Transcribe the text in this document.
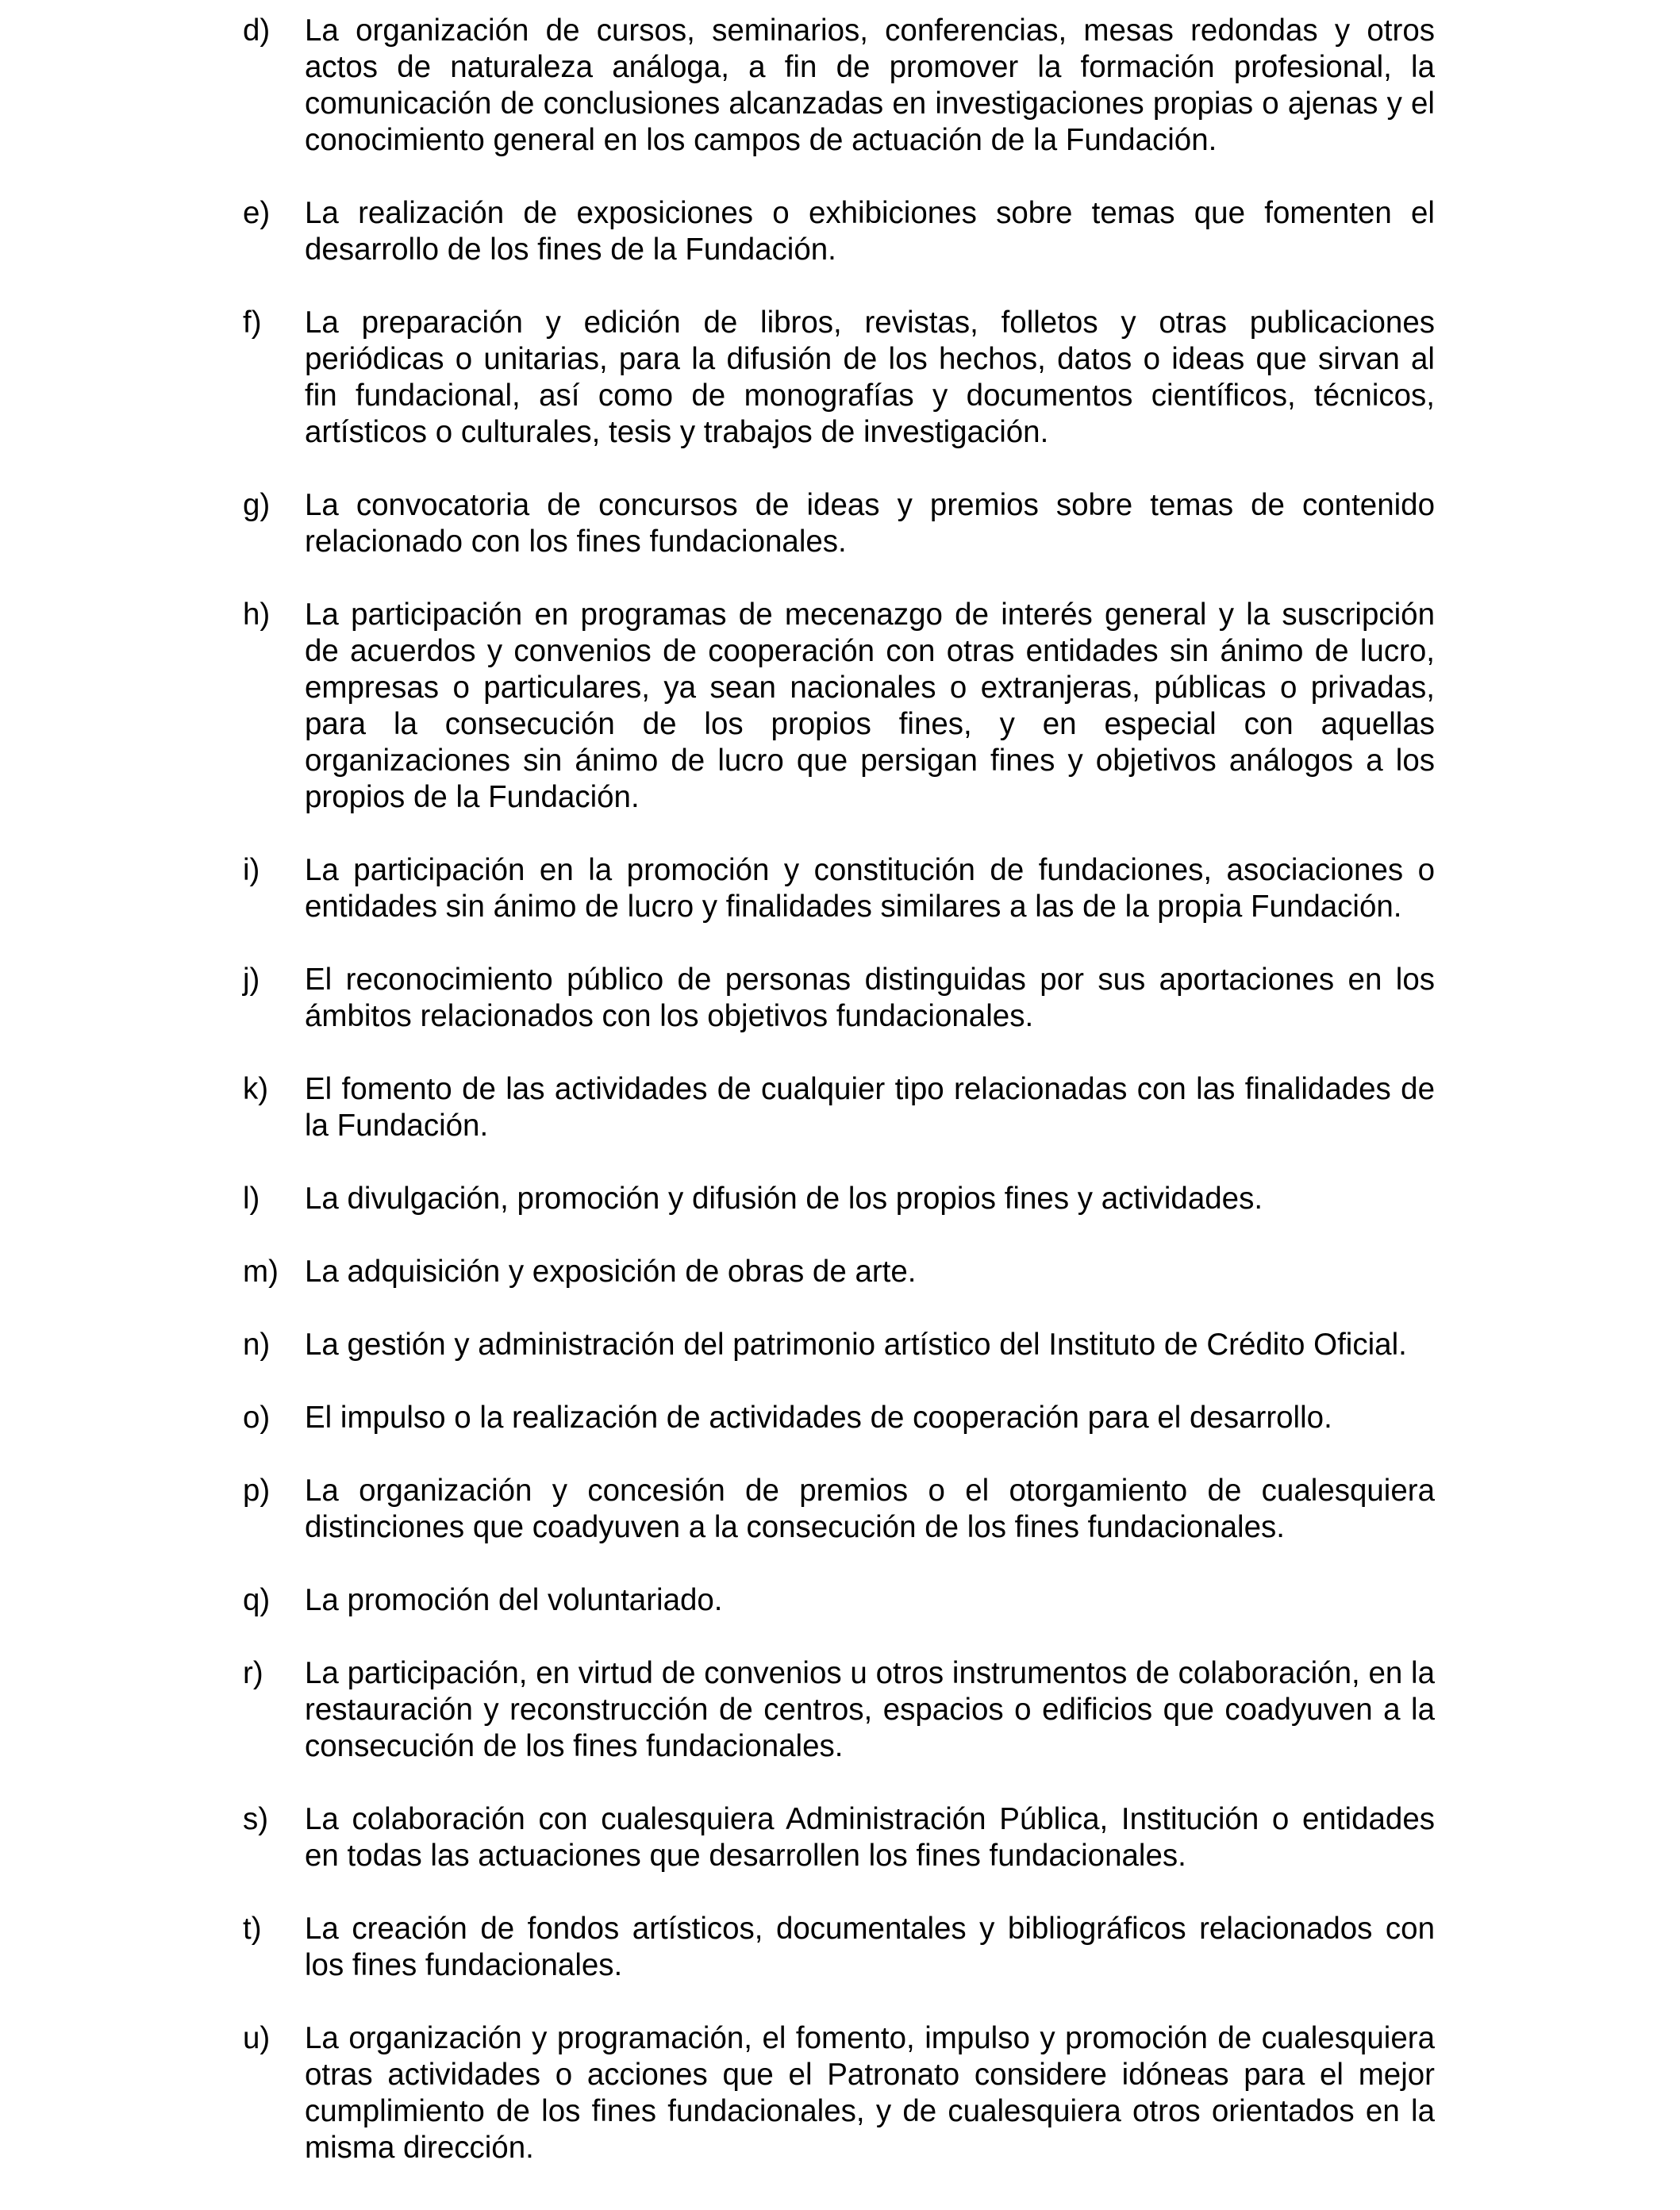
d) La organización de cursos, seminarios, conferencias, mesas redondas y otros actos de naturaleza análoga, a fin de promover la formación profesional, la comunicación de conclusiones alcanzadas en investigaciones propias o ajenas y el conocimiento general en los campos de actuación de la Fundación.
e) La realización de exposiciones o exhibiciones sobre temas que fomenten el desarrollo de los fines de la Fundación.
f) La preparación y edición de libros, revistas, folletos y otras publicaciones periódicas o unitarias, para la difusión de los hechos, datos o ideas que sirvan al fin fundacional, así como de monografías y documentos científicos, técnicos, artísticos o culturales, tesis y trabajos de investigación.
g) La convocatoria de concursos de ideas y premios sobre temas de contenido relacionado con los fines fundacionales.
h) La participación en programas de mecenazgo de interés general y la suscripción de acuerdos y convenios de cooperación con otras entidades sin ánimo de lucro, empresas o particulares, ya sean nacionales o extranjeras, públicas o privadas, para la consecución de los propios fines, y en especial con aquellas organizaciones sin ánimo de lucro que persigan fines y objetivos análogos a los propios de la Fundación.
i) La participación en la promoción y constitución de fundaciones, asociaciones o entidades sin ánimo de lucro y finalidades similares a las de la propia Fundación.
j) El reconocimiento público de personas distinguidas por sus aportaciones en los ámbitos relacionados con los objetivos fundacionales.
k) El fomento de las actividades de cualquier tipo relacionadas con las finalidades de la Fundación.
l) La divulgación, promoción y difusión de los propios fines y actividades.
m) La adquisición y exposición de obras de arte.
n) La gestión y administración del patrimonio artístico del Instituto de Crédito Oficial.
o) El impulso o la realización de actividades de cooperación para el desarrollo.
p) La organización y concesión de premios o el otorgamiento de cualesquiera distinciones que coadyuven a la consecución de los fines fundacionales.
q) La promoción del voluntariado.
r) La participación, en virtud de convenios u otros instrumentos de colaboración, en la restauración y reconstrucción de centros, espacios o edificios que coadyuven a la consecución de los fines fundacionales.
s) La colaboración con cualesquiera Administración Pública, Institución o entidades en todas las actuaciones que desarrollen los fines fundacionales.
t) La creación de fondos artísticos, documentales y bibliográficos relacionados con los fines fundacionales.
u) La organización y programación, el fomento, impulso y promoción de cualesquiera otras actividades o acciones que el Patronato considere idóneas para el mejor cumplimiento de los fines fundacionales, y de cualesquiera otros orientados en la misma dirección.
